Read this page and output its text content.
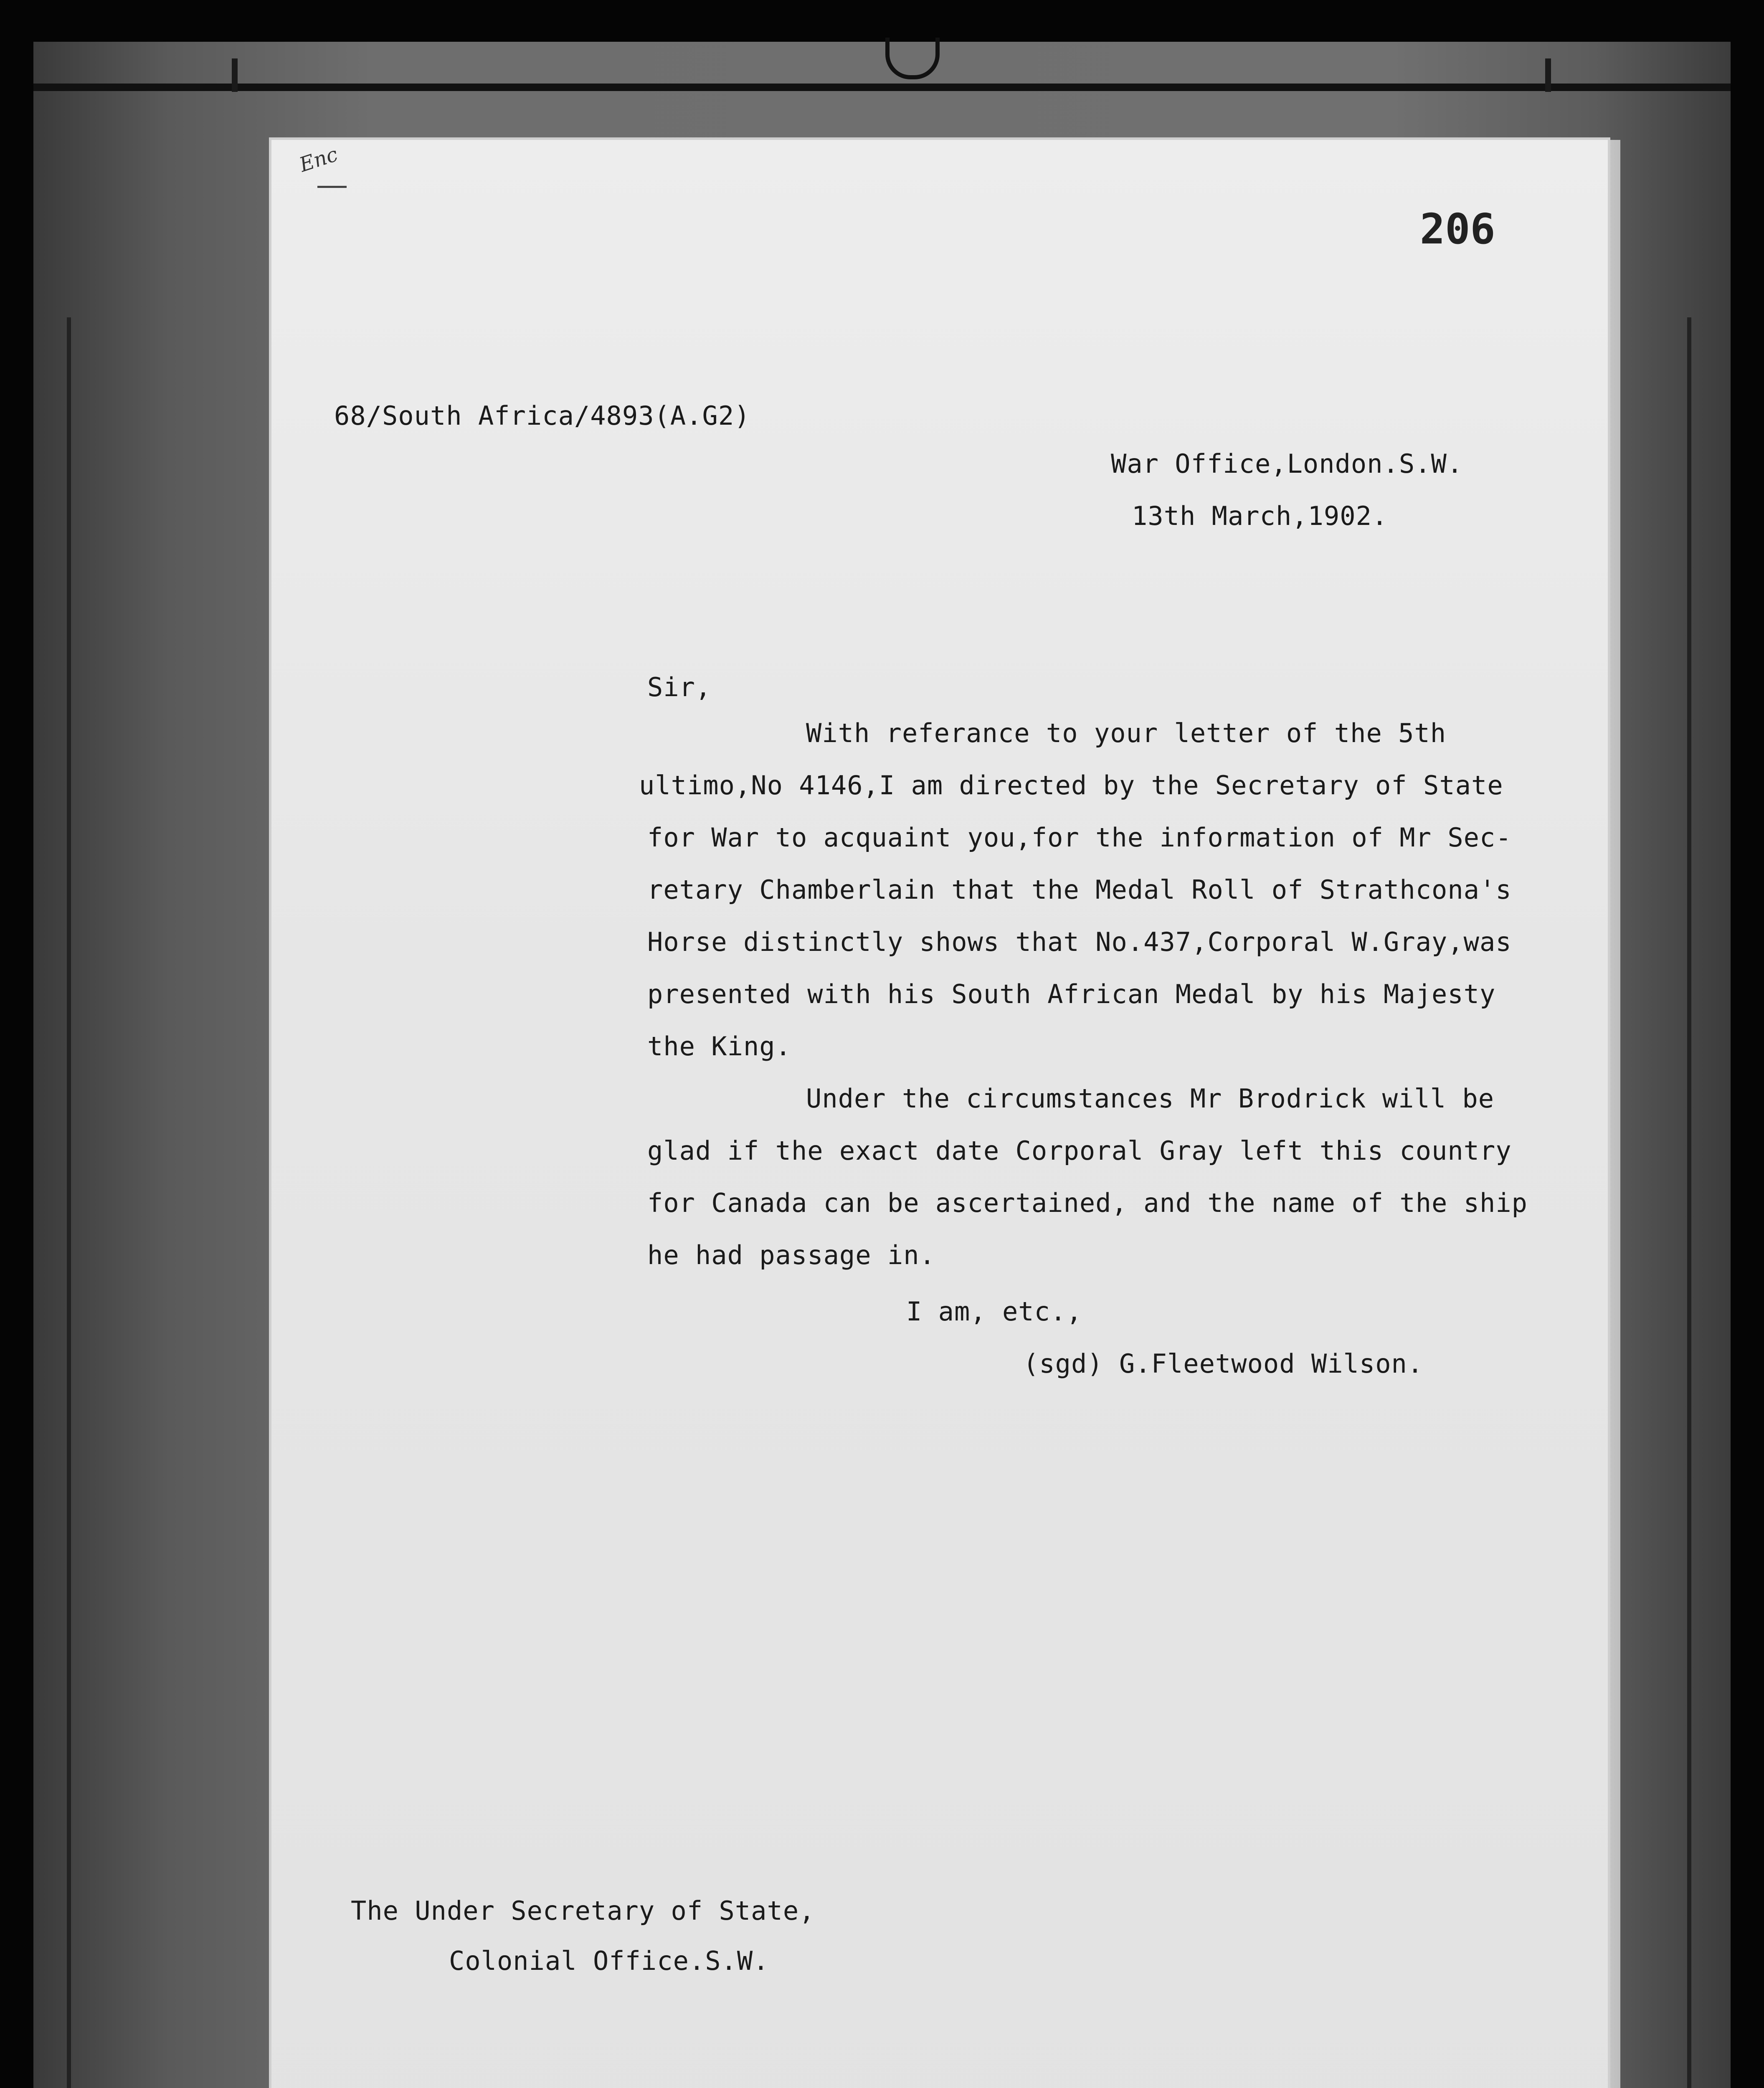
Enc
206
68/South Africa/4893(A.G2)
War Office,London.S.W.
13th March,1902.
Sir,
With referance to your letter of the 5th
ultimo,No 4146,I am directed by the Secretary of State
for War to acquaint you,for the information of Mr Sec-
retary Chamberlain that the Medal Roll of Strathcona's
Horse distinctly shows that No.437,Corporal W.Gray,was
presented with his South African Medal by his Majesty
the King.
Under the circumstances Mr Brodrick will be
glad if the exact date Corporal Gray left this country
for Canada can be ascertained, and the name of the ship
he had passage in.
I am, etc.,
(sgd) G.Fleetwood Wilson.
The Under Secretary of State,
Colonial Office.S.W.
